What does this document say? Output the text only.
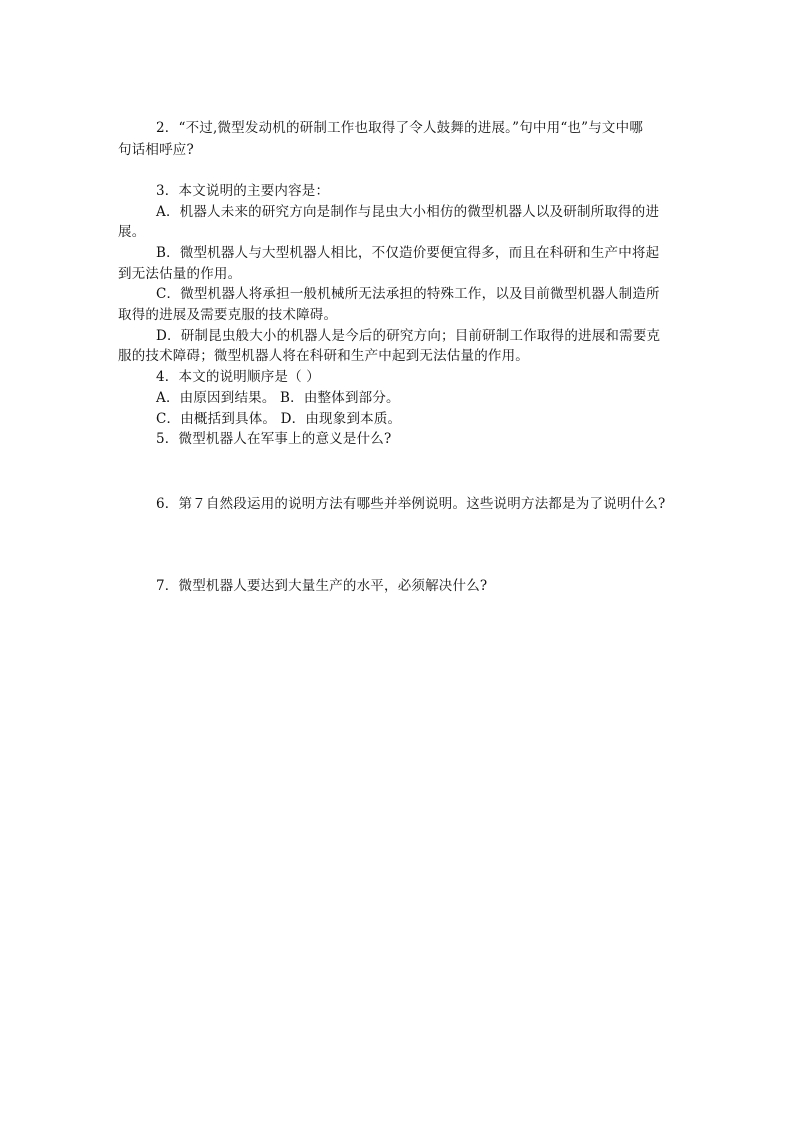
2．“不过,微型发动机的研制工作也取得了令人鼓舞的进展。”句中用“也”与文中哪
句话相呼应?
3．本文说明的主要内容是：
A．机器人未来的研究方向是制作与昆虫大小相仿的微型机器人以及研制所取得的进
展。
B．微型机器人与大型机器人相比，不仅造价要便宜得多，而且在科研和生产中将起
到无法估量的作用。
C．微型机器人将承担一般机械所无法承担的特殊工作，以及目前微型机器人制造所
取得的进展及需要克服的技术障碍。
D．研制昆虫般大小的机器人是今后的研究方向；目前研制工作取得的进展和需要克
服的技术障碍；微型机器人将在科研和生产中起到无法估量的作用。
4．本文的说明顺序是（ ）
A．由原因到结果。 B．由整体到部分。
C．由概括到具体。 D．由现象到本质。
5．微型机器人在军事上的意义是什么?
6．第７自然段运用的说明方法有哪些并举例说明。这些说明方法都是为了说明什么?
7．微型机器人要达到大量生产的水平，必须解决什么?
